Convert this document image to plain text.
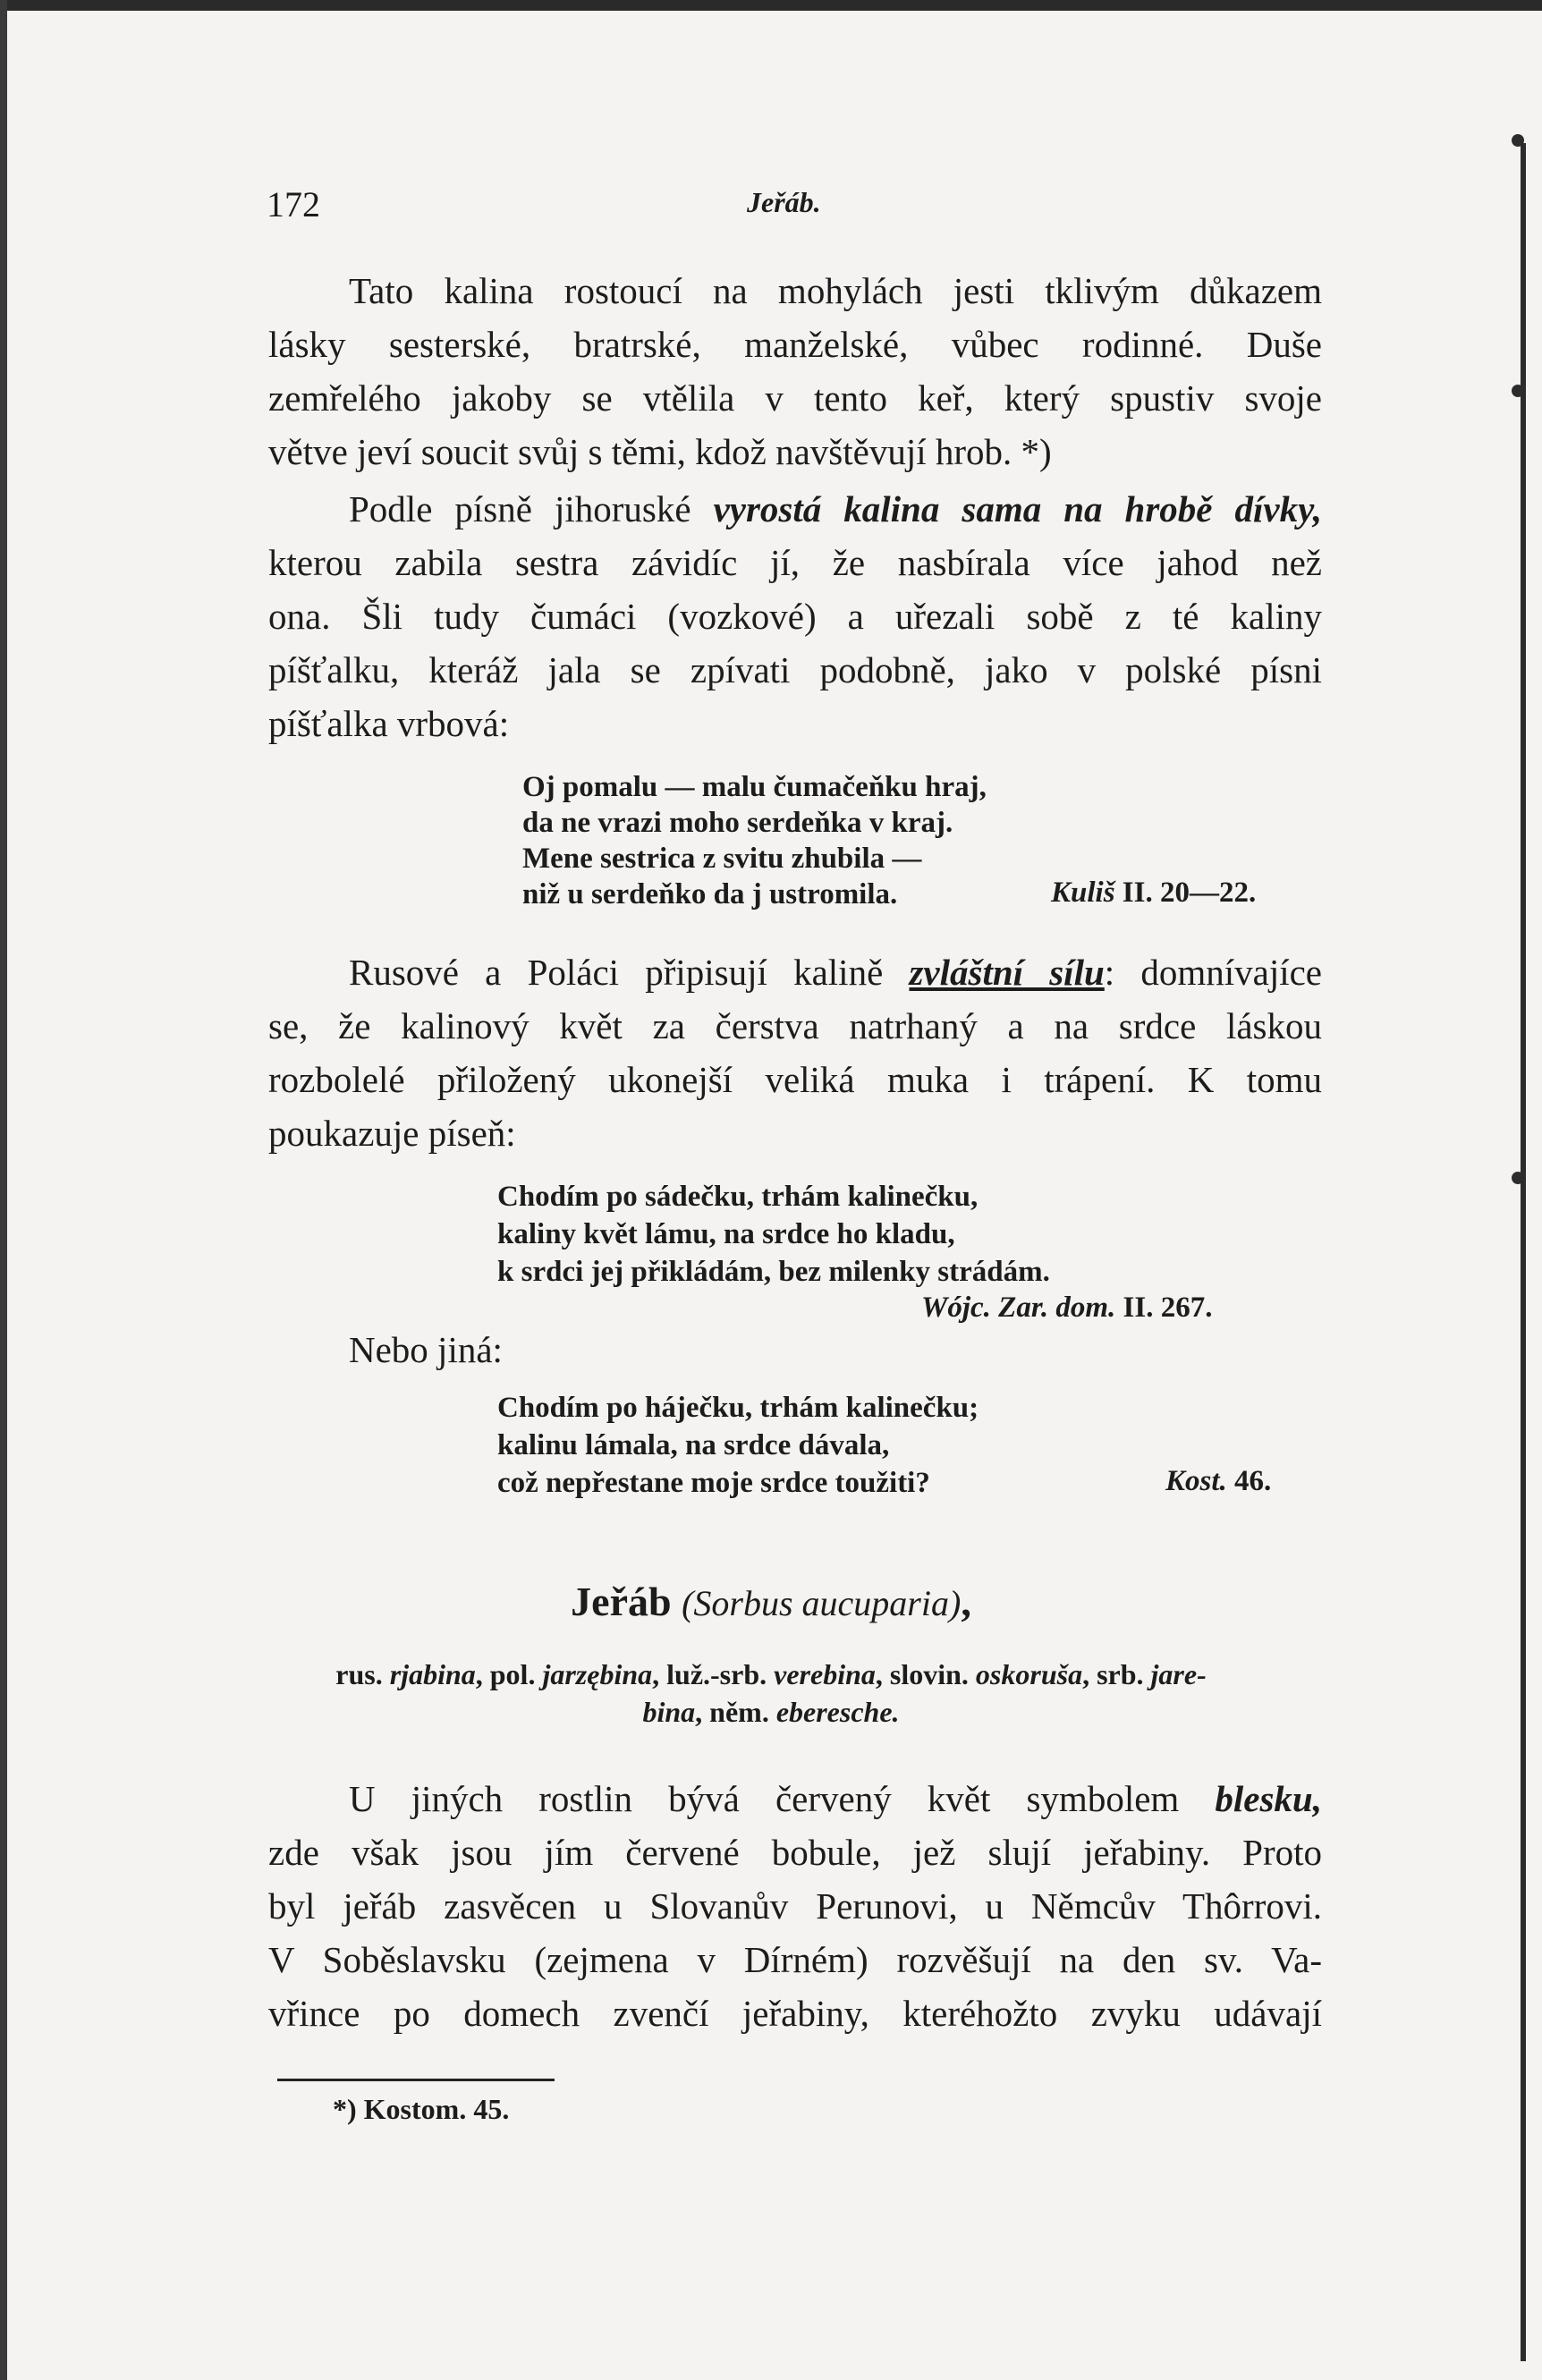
172	Jeřáb.
Tato kalina rostoucí na mohylách jesti tklivým důkazem
lásky sesterské, bratrské, manželské, vůbec rodinné. Duše
zemřelého jakoby se vtělila v tento keř, který spustiv svoje
větve jeví soucit svůj s těmi, kdož navštěvují hrob. *)
Podle písně jihoruské vyrostá kalina sama na hrobě dívky,
kterou zabila sestra závidíc jí, že nasbírala více jahod než
ona. Šli tudy čumáci (vozkové) a uřezali sobě z té kaliny
píšťalku, kteráž jala se zpívati podobně, jako v polské písni
píšťalka vrbová:
Oj pomalu — malu čumačeňku hraj,
da ne vrazi moho serdeňka v kraj.
Mene sestrica z svitu zhubila —
niž u serdeňko da j ustromila.	Kuliš II. 20—22.
Rusové a Poláci připisují kalině zvláštní sílu: domnívajíce
se, že kalinový květ za čerstva natrhaný a na srdce láskou
rozbolelé přiložený ukonejší veliká muka i trápení. K tomu
poukazuje píseň:
Chodím po sádečku, trhám kalinečku,
kaliny květ lámu, na srdce ho kladu,
k srdci jej přikládám, bez milenky strádám.
Wójc. Zar. dom. II. 267.
Nebo jiná:
Chodím po háječku, trhám kalinečku;
kalinu lámala, na srdce dávala,
což nepřestane moje srdce toužiti?	Kost. 46.
Jeřáb (Sorbus aucuparia),
rus. rjabina, pol. jarzębina, luž.-srb. verebina, slovin. oskoruša, srb. jare-
bina, něm. eberesche.
U jiných rostlin bývá červený květ symbolem blesku,
zde však jsou jím červené bobule, jež slují jeřabiny. Proto
byl jeřáb zasvěcen u Slovanův Perunovi, u Němcův Thôrrovi.
V Soběslavsku (zejmena v Dírném) rozvěšují na den sv. Va-
vřince po domech zvenčí jeřabiny, kteréhožto zvyku udávají
*) Kostom. 45.
